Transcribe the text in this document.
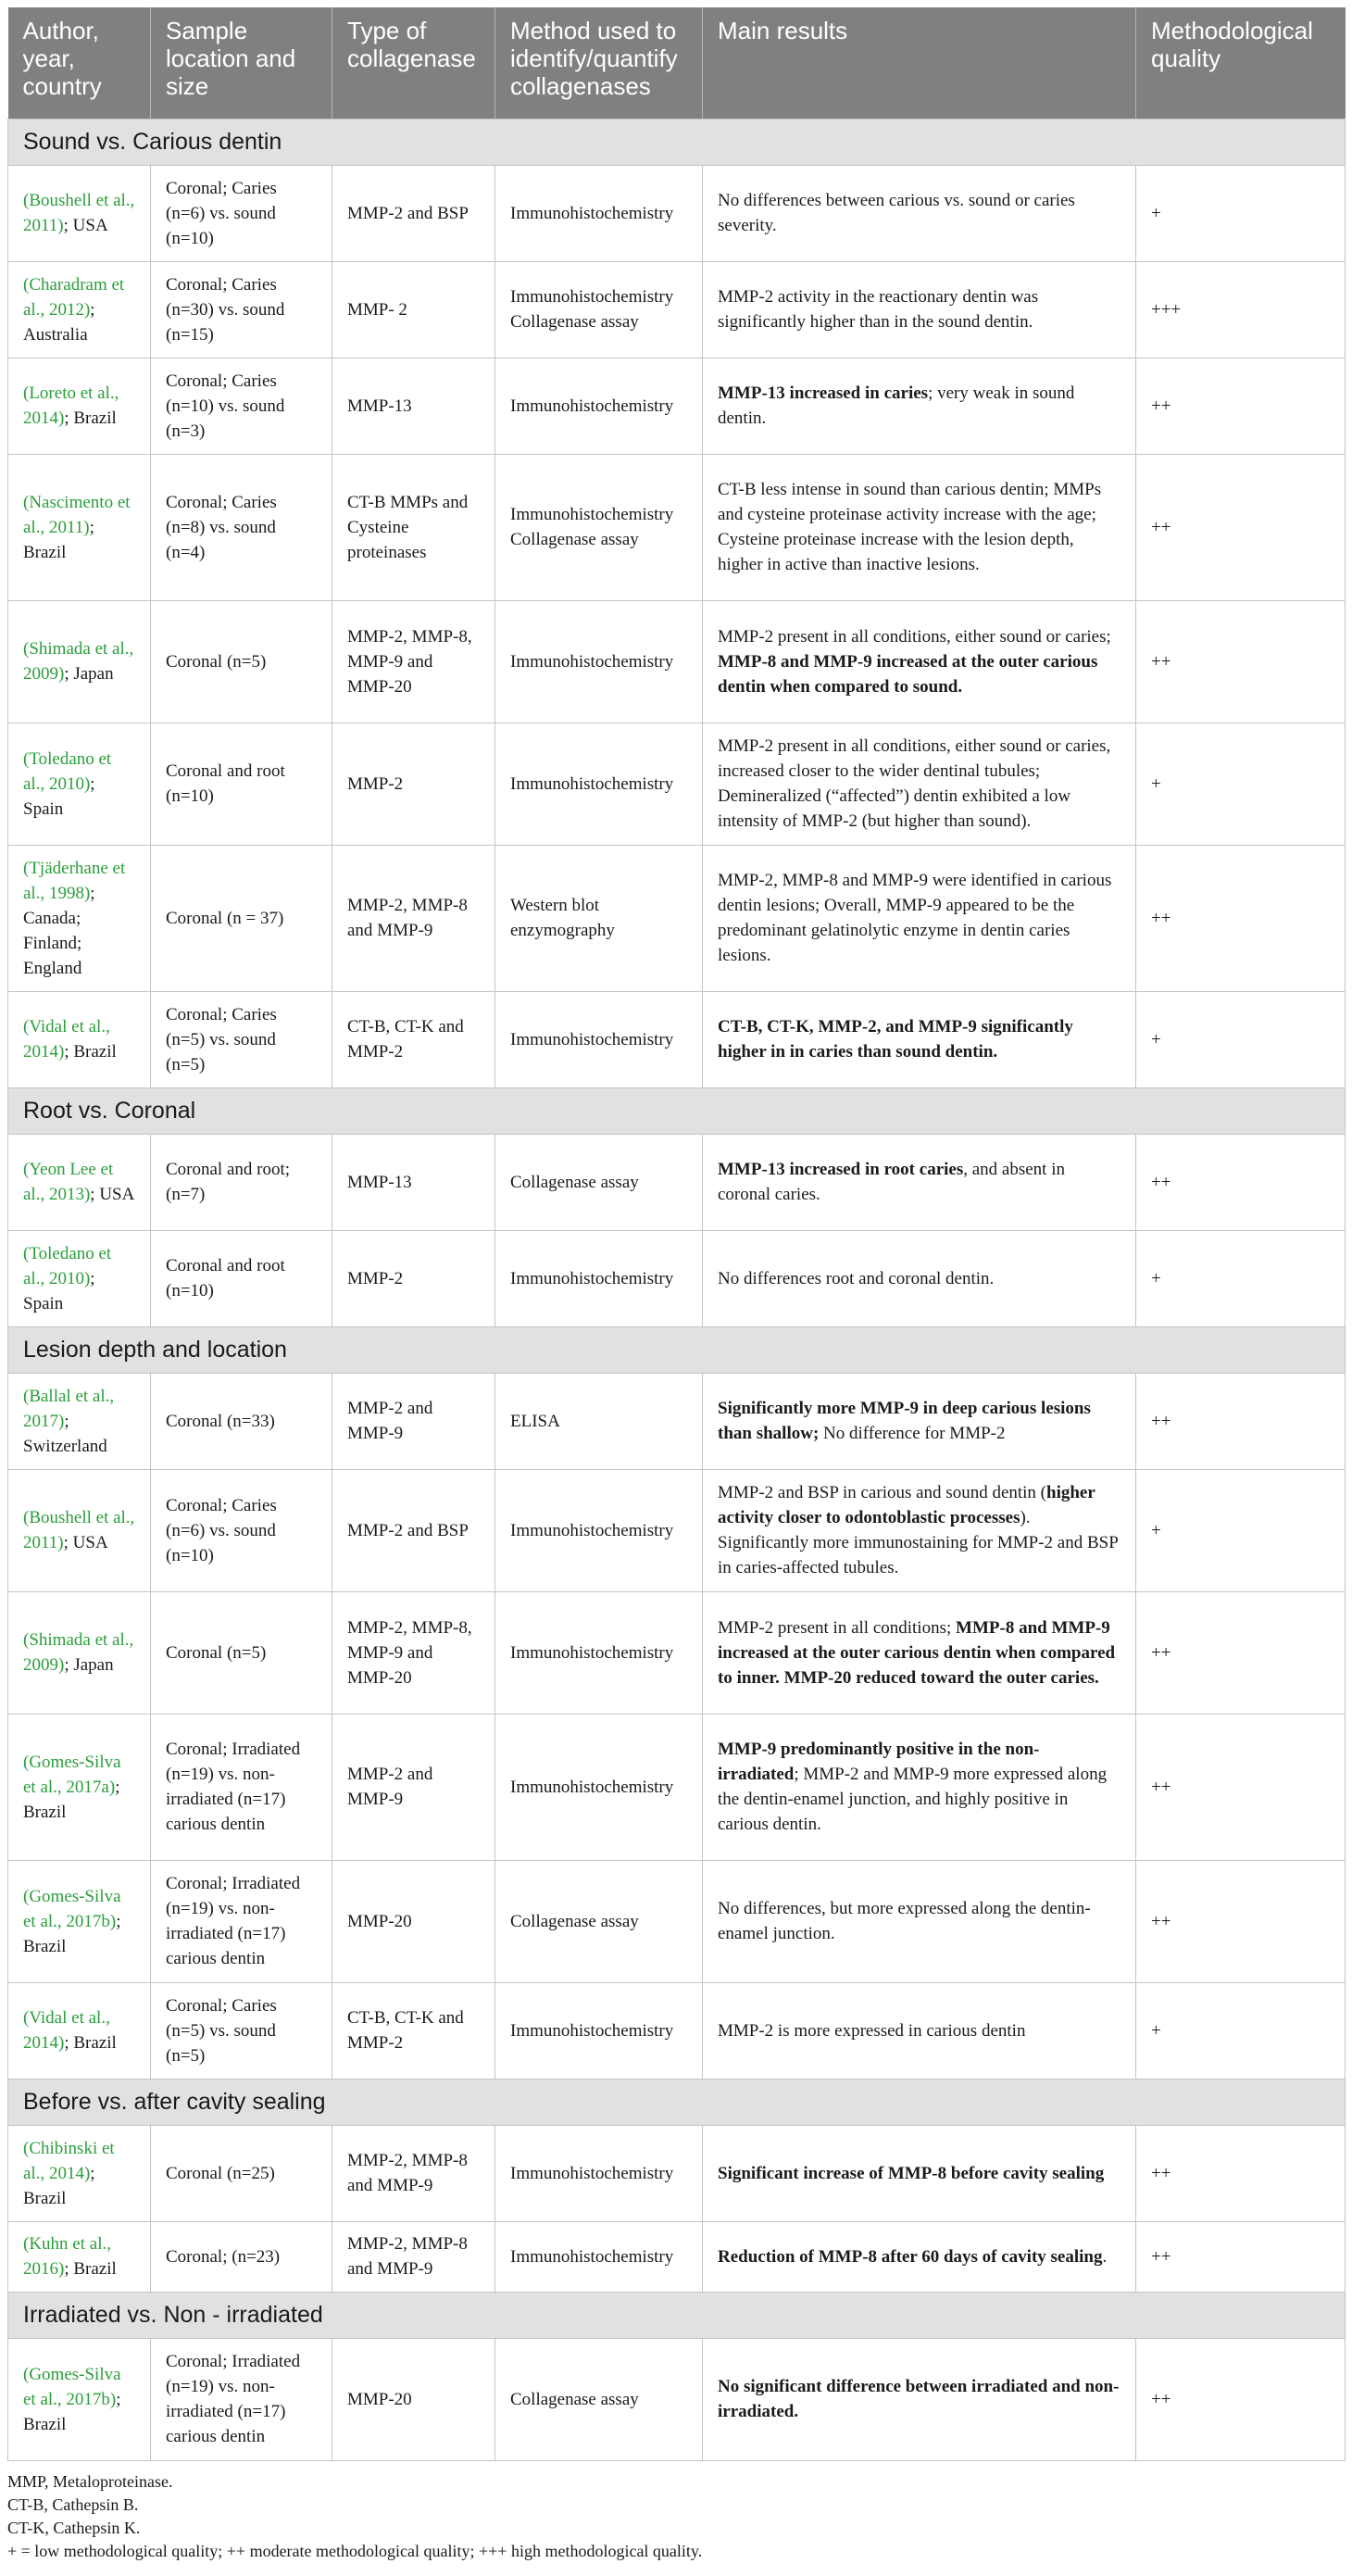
Author, year, country	Sample location and size	Type of collagenase	Method used to identify/quantify collagenases	Main results	Methodological quality
Sound vs. Carious dentin					
(Boushell et al., 2011); USA	Coronal; Caries (n=6) vs. sound (n=10)	MMP-2 and BSP	Immunohistochemistry	No differences between carious vs. sound or caries severity.	+
(Charadram et al., 2012); Australia	Coronal; Caries (n=30) vs. sound (n=15)	MMP- 2	Immunohistochemistry Collagenase assay	MMP-2 activity in the reactionary dentin was significantly higher than in the sound dentin.	+++
(Loreto et al., 2014); Brazil	Coronal; Caries (n=10) vs. sound (n=3)	MMP-13	Immunohistochemistry	MMP-13 increased in caries; very weak in sound dentin.	++
(Nascimento et al., 2011); Brazil	Coronal; Caries (n=8) vs. sound (n=4)	CT-B MMPs and Cysteine proteinases	Immunohistochemistry Collagenase assay	CT-B less intense in sound than carious dentin; MMPs and cysteine proteinase activity increase with the age; Cysteine proteinase increase with the lesion depth, higher in active than inactive lesions.	++
(Shimada et al., 2009); Japan	Coronal (n=5)	MMP-2, MMP-8, MMP-9 and MMP-20	Immunohistochemistry	MMP-2 present in all conditions, either sound or caries; MMP-8 and MMP-9 increased at the outer carious dentin when compared to sound.	++
(Toledano et al., 2010); Spain	Coronal and root (n=10)	MMP-2	Immunohistochemistry	MMP-2 present in all conditions, either sound or caries, increased closer to the wider dentinal tubules; Demineralized (“affected”) dentin exhibited a low intensity of MMP-2 (but higher than sound).	+
(Tjäderhane et al., 1998); Canada; Finland; England	Coronal (n = 37)	MMP-2, MMP-8 and MMP-9	Western blot enzymography	MMP-2, MMP-8 and MMP-9 were identified in carious dentin lesions; Overall, MMP-9 appeared to be the predominant gelatinolytic enzyme in dentin caries lesions.	++
(Vidal et al., 2014); Brazil	Coronal; Caries (n=5) vs. sound (n=5)	CT-B, CT-K and MMP-2	Immunohistochemistry	CT-B, CT-K, MMP-2, and MMP-9 significantly higher in in caries than sound dentin.	+
Root vs. Coronal					
(Yeon Lee et al., 2013); USA	Coronal and root; (n=7)	MMP-13	Collagenase assay	MMP-13 increased in root caries, and absent in coronal caries.	++
(Toledano et al., 2010); Spain	Coronal and root (n=10)	MMP-2	Immunohistochemistry	No differences root and coronal dentin.	+
Lesion depth and location					
(Ballal et al., 2017); Switzerland	Coronal (n=33)	MMP-2 and MMP-9	ELISA	Significantly more MMP-9 in deep carious lesions than shallow; No difference for MMP-2	++
(Boushell et al., 2011); USA	Coronal; Caries (n=6) vs. sound (n=10)	MMP-2 and BSP	Immunohistochemistry	MMP-2 and BSP in carious and sound dentin (higher activity closer to odontoblastic processes). Significantly more immunostaining for MMP-2 and BSP in caries-affected tubules.	+
(Shimada et al., 2009); Japan	Coronal (n=5)	MMP-2, MMP-8, MMP-9 and MMP-20	Immunohistochemistry	MMP-2 present in all conditions; MMP-8 and MMP-9 increased at the outer carious dentin when compared to inner. MMP-20 reduced toward the outer caries.	++
(Gomes-Silva et al., 2017a); Brazil	Coronal; Irradiated (n=19) vs. non-irradiated (n=17) carious dentin	MMP-2 and MMP-9	Immunohistochemistry	MMP-9 predominantly positive in the non-irradiated; MMP-2 and MMP-9 more expressed along the dentin-enamel junction, and highly positive in carious dentin.	++
(Gomes-Silva et al., 2017b); Brazil	Coronal; Irradiated (n=19) vs. non-irradiated (n=17) carious dentin	MMP-20	Collagenase assay	No differences, but more expressed along the dentin-enamel junction.	++
(Vidal et al., 2014); Brazil	Coronal; Caries (n=5) vs. sound (n=5)	CT-B, CT-K and MMP-2	Immunohistochemistry	MMP-2 is more expressed in carious dentin	+
Before vs. after cavity sealing					
(Chibinski et al., 2014); Brazil	Coronal (n=25)	MMP-2, MMP-8 and MMP-9	Immunohistochemistry	Significant increase of MMP-8 before cavity sealing	++
(Kuhn et al., 2016); Brazil	Coronal; (n=23)	MMP-2, MMP-8 and MMP-9	Immunohistochemistry	Reduction of MMP-8 after 60 days of cavity sealing.	++
Irradiated vs. Non - irradiated					
(Gomes-Silva et al., 2017b); Brazil	Coronal; Irradiated (n=19) vs. non-irradiated (n=17) carious dentin	MMP-20	Collagenase assay	No significant difference between irradiated and non-irradiated.	++
MMP, Metaloproteinase.
CT-B, Cathepsin B.
CT-K, Cathepsin K.
+ = low methodological quality; ++ moderate methodological quality; +++ high methodological quality.
